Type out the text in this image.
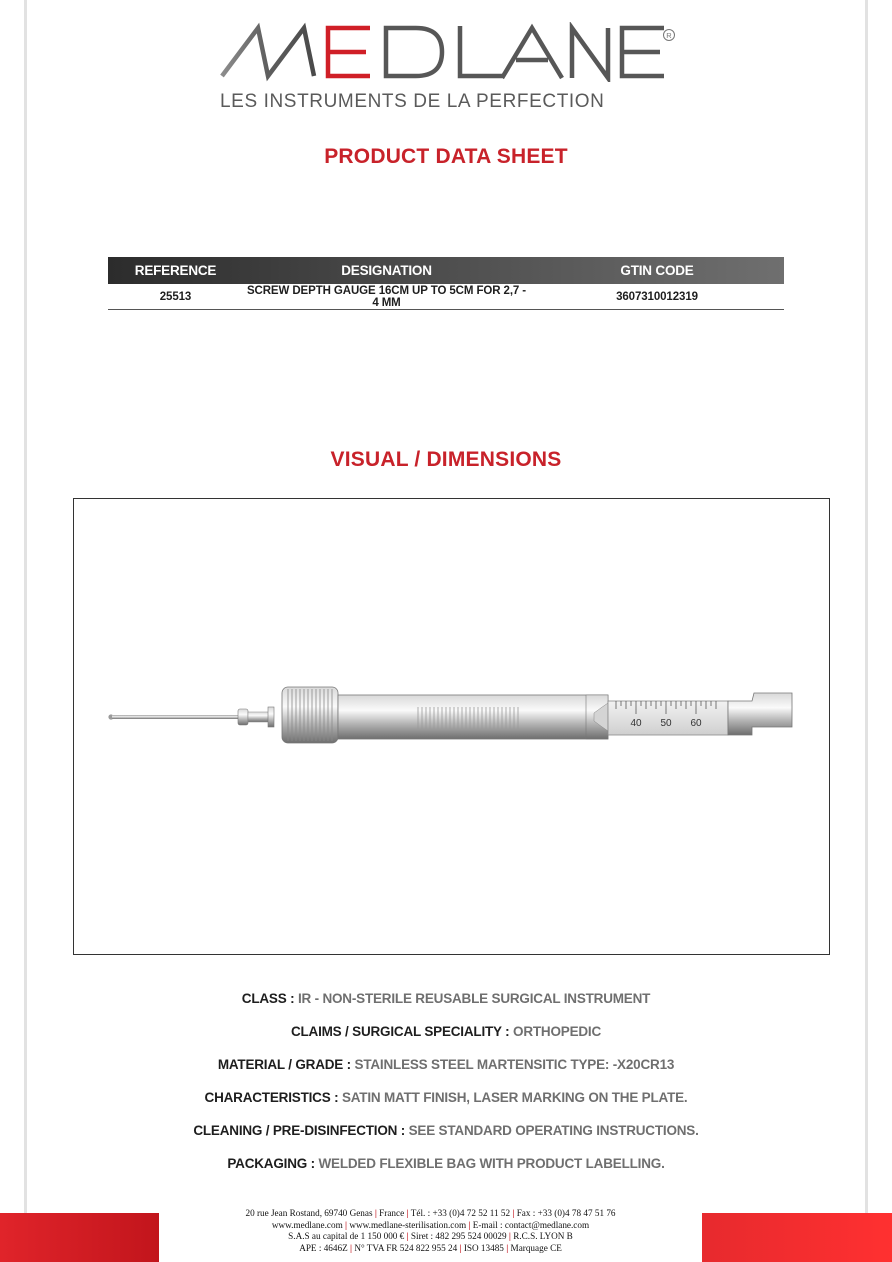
R
LES INSTRUMENTS DE LA PERFECTION
PRODUCT DATA SHEET
REFERENCE	DESIGNATION	GTIN CODE
25513	SCREW DEPTH GAUGE 16CM UP TO 5CM FOR 2,7 - 4 MM	3607310012319
VISUAL / DIMENSIONS
40 50 60
CLASS : IR - NON-STERILE REUSABLE SURGICAL INSTRUMENT
CLAIMS / SURGICAL SPECIALITY : ORTHOPEDIC
MATERIAL / GRADE : STAINLESS STEEL MARTENSITIC TYPE: -X20CR13
CHARACTERISTICS : SATIN MATT FINISH, LASER MARKING ON THE PLATE.
CLEANING / PRE-DISINFECTION : SEE STANDARD OPERATING INSTRUCTIONS.
PACKAGING : WELDED FLEXIBLE BAG WITH PRODUCT LABELLING.
20 rue Jean Rostand, 69740 Genas | France | Tél. : +33 (0)4 72 52 11 52 | Fax : +33 (0)4 78 47 51 76
www.medlane.com | www.medlane-sterilisation.com | E-mail : contact@medlane.com
S.A.S au capital de 1 150 000 € | Siret : 482 295 524 00029 | R.C.S. LYON B
APE : 4646Z | N° TVA FR 524 822 955 24 | ISO 13485 | Marquage CE
